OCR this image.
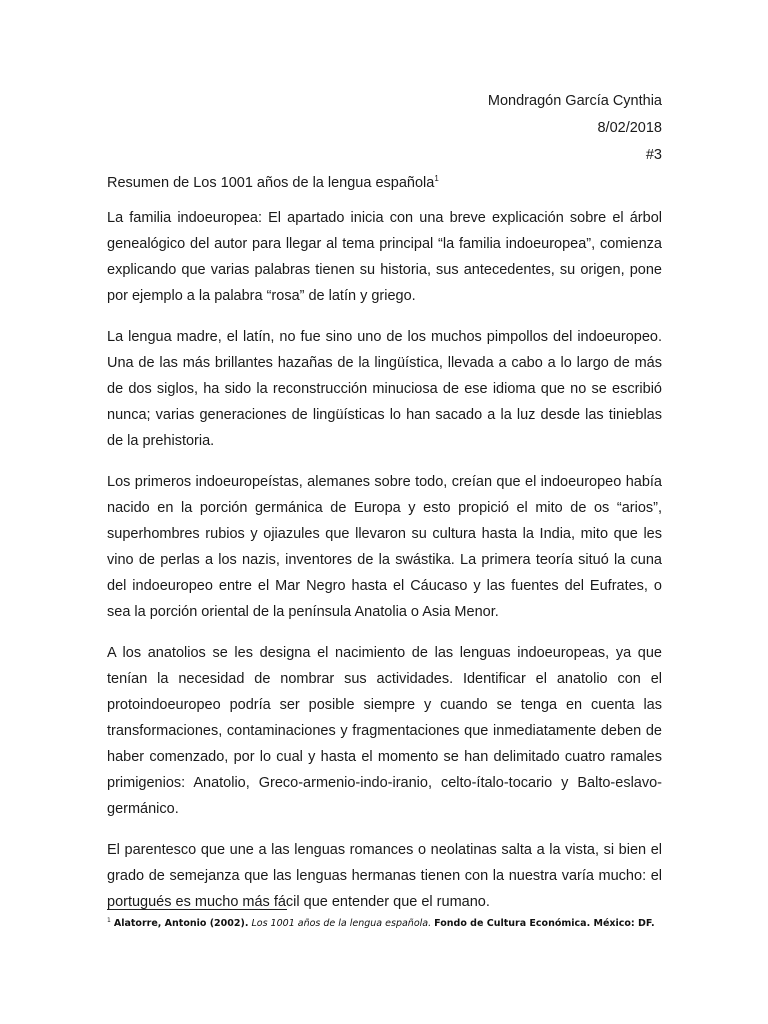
Mondragón García Cynthia
8/02/2018
#3
Resumen de Los 1001 años de la lengua española$^1$

La familia indoeuropea: El apartado inicia con una breve explicación sobre el árbol genealógico del autor para llegar al tema principal “la familia indoeuropea”, comienza explicando que varias palabras tienen su historia, sus antecedentes, su origen, pone por ejemplo a la palabra “rosa” de latín y griego.

La lengua madre, el latín, no fue sino uno de los muchos pimpollos del indoeuropeo. Una de las más brillantes hazañas de la lingüística, llevada a cabo a lo largo de más de dos siglos, ha sido la reconstrucción minuciosa de ese idioma que no se escribió nunca; varias generaciones de lingüísticas lo han sacado a la luz desde las tinieblas de la prehistoria.

Los primeros indoeuropeístas, alemanes sobre todo, creían que el indoeuropeo había nacido en la porción germánica de Europa y esto propició el mito de os “arios”, superhombres rubios y ojiazules que llevaron su cultura hasta la India, mito que les vino de perlas a los nazis, inventores de la swástika. La primera teoría situó la cuna del indoeuropeo entre el Mar Negro hasta el Cáucaso y las fuentes del Eufrates, o sea la porción oriental de la península Anatolia o Asia Menor.

A los anatolios se les designa el nacimiento de las lenguas indoeuropeas, ya que tenían la necesidad de nombrar sus actividades. Identificar el anatolio con el protoindoeuropeo podría ser posible siempre y cuando se tenga en cuenta las transformaciones, contaminaciones y fragmentaciones que inmediatamente deben de haber comenzado, por lo cual y hasta el momento se han delimitado cuatro ramales primigenios: Anatolio, Greco-armenio-indo-iranio, celto-ítalo-tocario y Balto-eslavo-germánico.

El parentesco que une a las lenguas romances o neolatinas salta a la vista, si bien el grado de semejanza que las lenguas hermanas tienen con la nuestra varía mucho: el portugués es mucho más fácil que entender que el rumano.

$^1$ Alatorre, Antonio (2002). Los 1001 años de la lengua española. Fondo de Cultura Económica. México: DF.
